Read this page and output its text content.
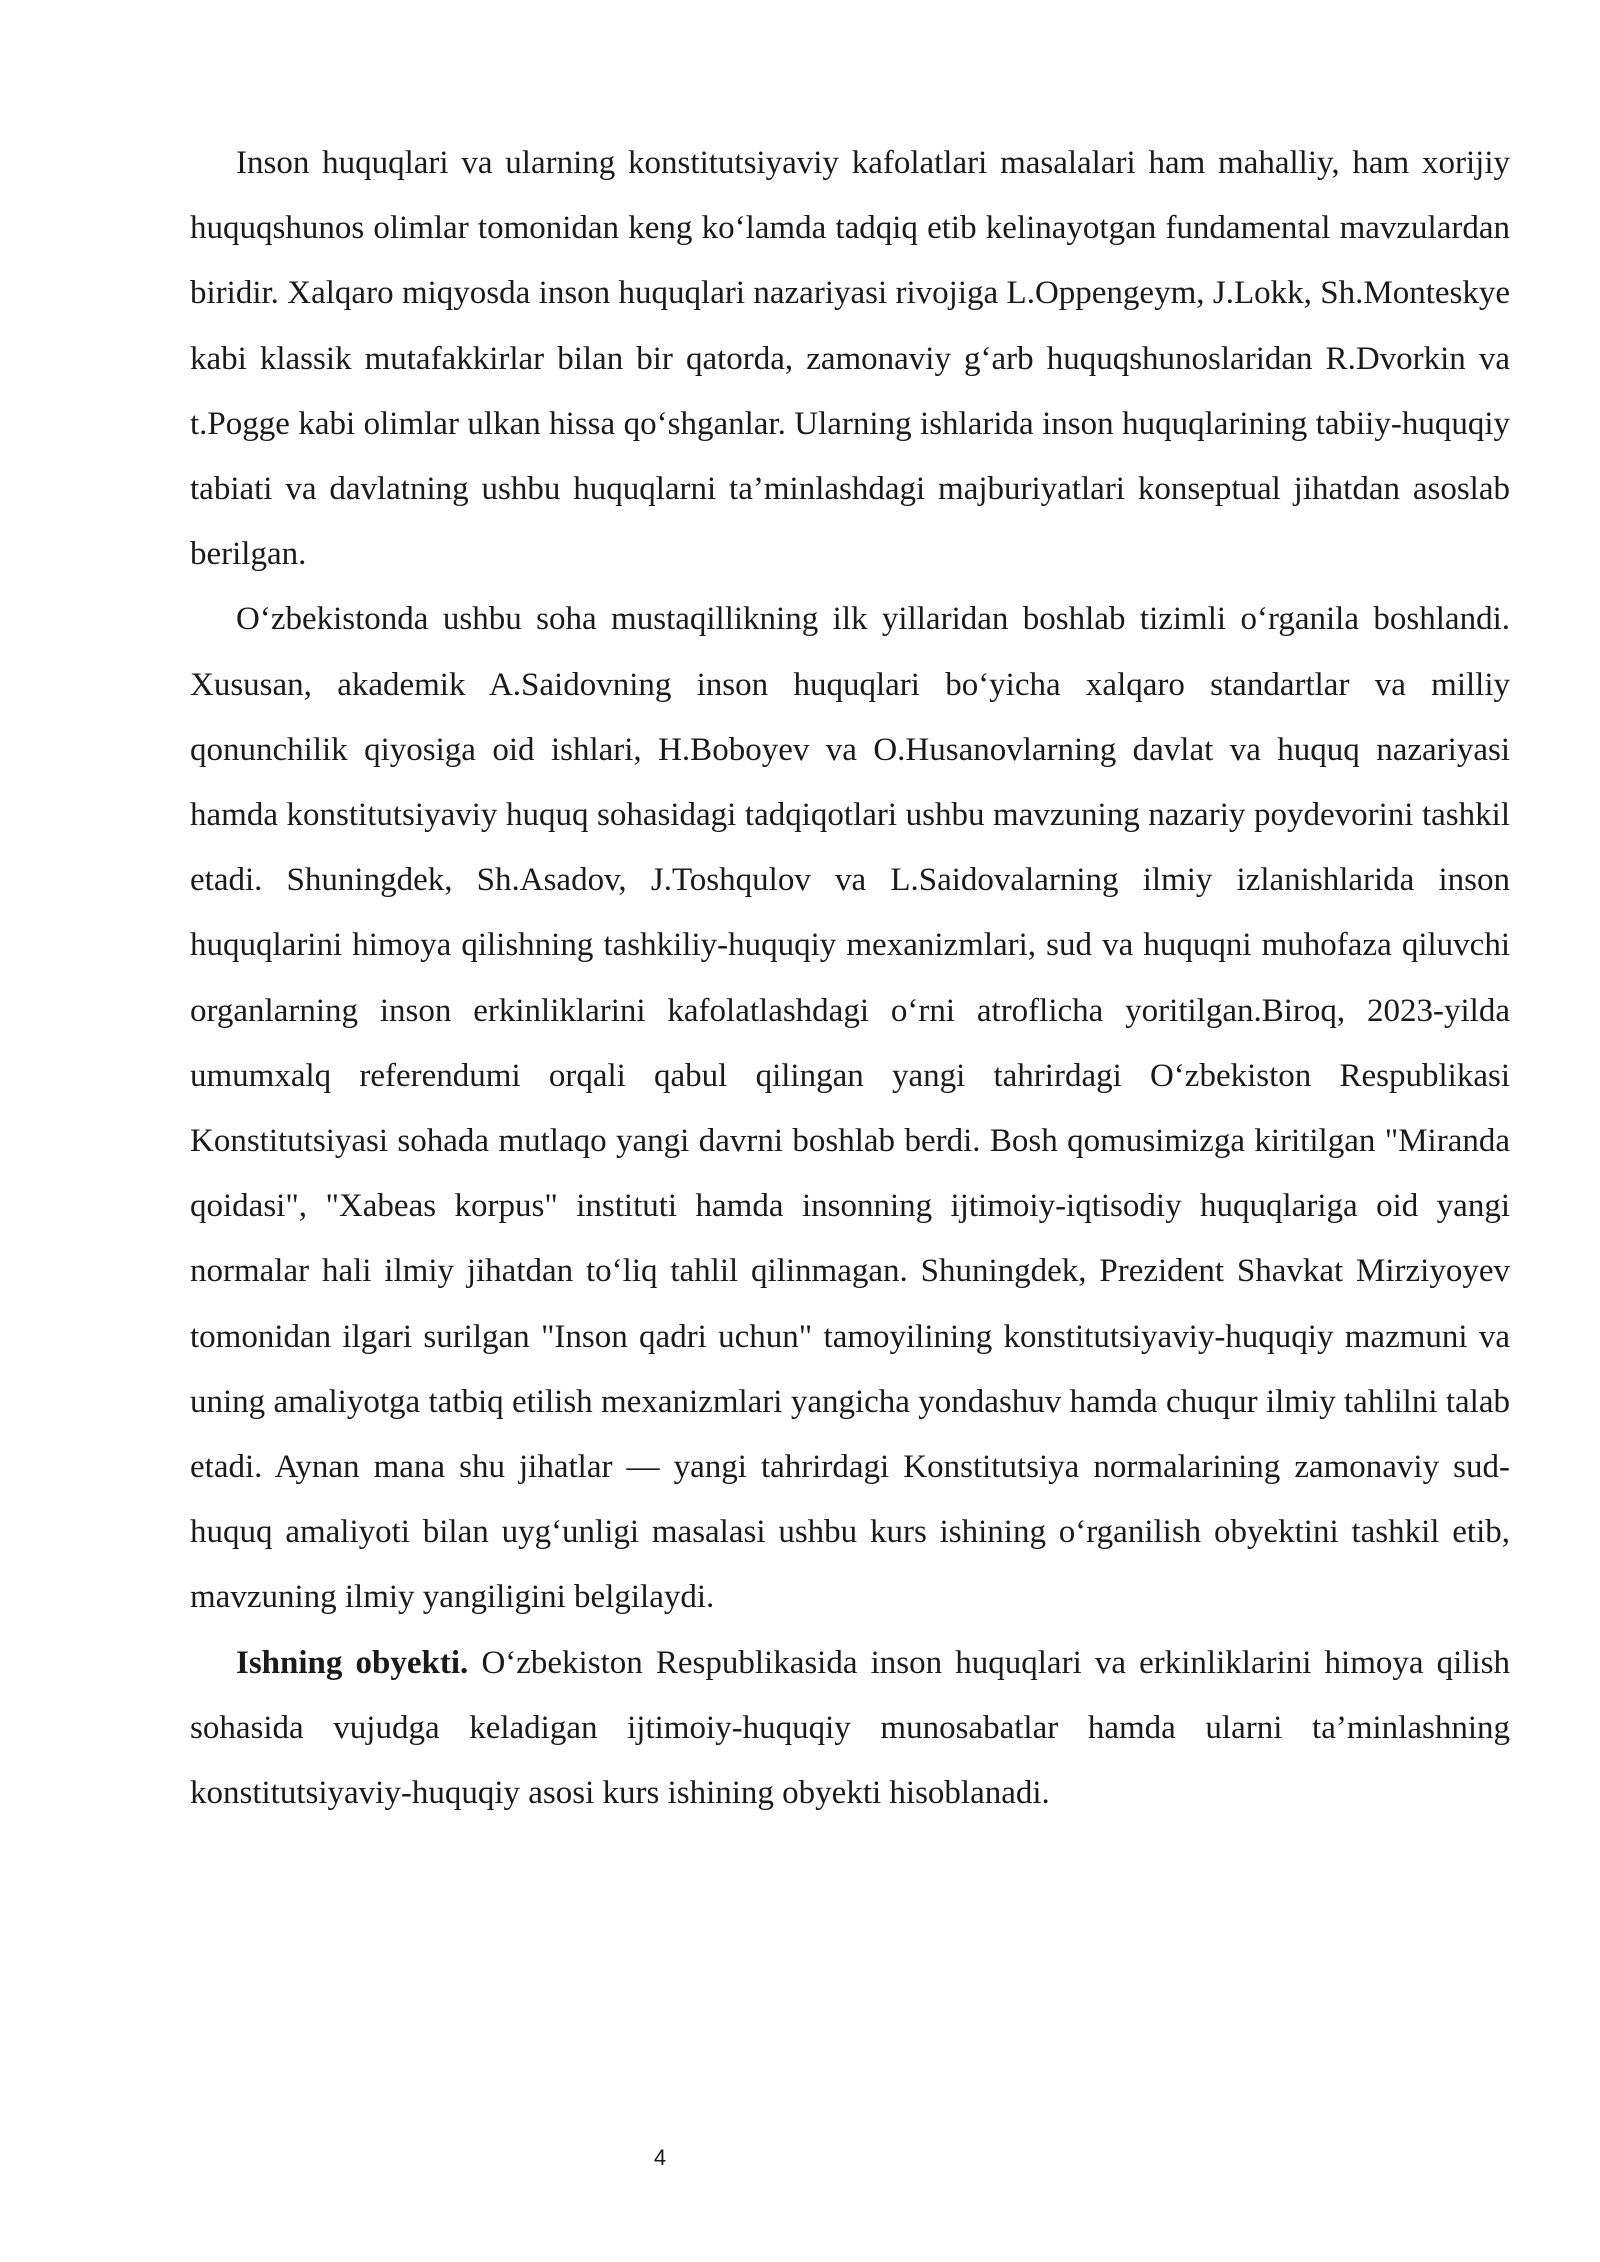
Inson huquqlari va ularning konstitutsiyaviy kafolatlari masalalari ham mahalliy, ham xorijiy huquqshunos olimlar tomonidan keng ko‘lamda tadqiq etib kelinayotgan fundamental mavzulardan biridir. Xalqaro miqyosda inson huquqlari nazariyasi rivojiga L.Oppengeym, J.Lokk, Sh.Monteskye kabi klassik mutafakkirlar bilan bir qatorda, zamonaviy g‘arb huquqshunoslaridan R.Dvorkin va t.Pogge kabi olimlar ulkan hissa qo‘shganlar. Ularning ishlarida inson huquqlarining tabiiy-huquqiy tabiati va davlatning ushbu huquqlarni ta’minlashdagi majburiyatlari konseptual jihatdan asoslab berilgan.

O‘zbekistonda ushbu soha mustaqillikning ilk yillaridan boshlab tizimli o‘rganila boshlandi. Xususan, akademik A.Saidovning inson huquqlari bo‘yicha xalqaro standartlar va milliy qonunchilik qiyosiga oid ishlari, H.Boboyev va O.Husanovlarning davlat va huquq nazariyasi hamda konstitutsiyaviy huquq sohasidagi tadqiqotlari ushbu mavzuning nazariy poydevorini tashkil etadi. Shuningdek, Sh.Asadov, J.Toshqulov va L.Saidovalarning ilmiy izlanishlarida inson huquqlarini himoya qilishning tashkiliy-huquqiy mexanizmlari, sud va huquqni muhofaza qiluvchi organlarning inson erkinliklarini kafolatlashdagi o‘rni atroflicha yoritilgan.Biroq, 2023-yilda umumxalq referendumi orqali qabul qilingan yangi tahrirdagi O‘zbekiston Respublikasi Konstitutsiyasi sohada mutlaqo yangi davrni boshlab berdi. Bosh qomusimizga kiritilgan "Miranda qoidasi", "Xabeas korpus" instituti hamda insonning ijtimoiy-iqtisodiy huquqlariga oid yangi normalar hali ilmiy jihatdan to‘liq tahlil qilinmagan. Shuningdek, Prezident Shavkat Mirziyoyev tomonidan ilgari surilgan "Inson qadri uchun" tamoyilining konstitutsiyaviy-huquqiy mazmuni va uning amaliyotga tatbiq etilish mexanizmlari yangicha yondashuv hamda chuqur ilmiy tahlilni talab etadi. Aynan mana shu jihatlar — yangi tahrirdagi Konstitutsiya normalarining zamonaviy sud-huquq amaliyoti bilan uyg‘unligi masalasi ushbu kurs ishining o‘rganilish obyektini tashkil etib, mavzuning ilmiy yangiligini belgilaydi.

Ishning obyekti. O‘zbekiston Respublikasida inson huquqlari va erkinliklarini himoya qilish sohasida vujudga keladigan ijtimoiy-huquqiy munosabatlar hamda ularni ta’minlashning konstitutsiyaviy-huquqiy asosi kurs ishining obyekti hisoblanadi.

4
